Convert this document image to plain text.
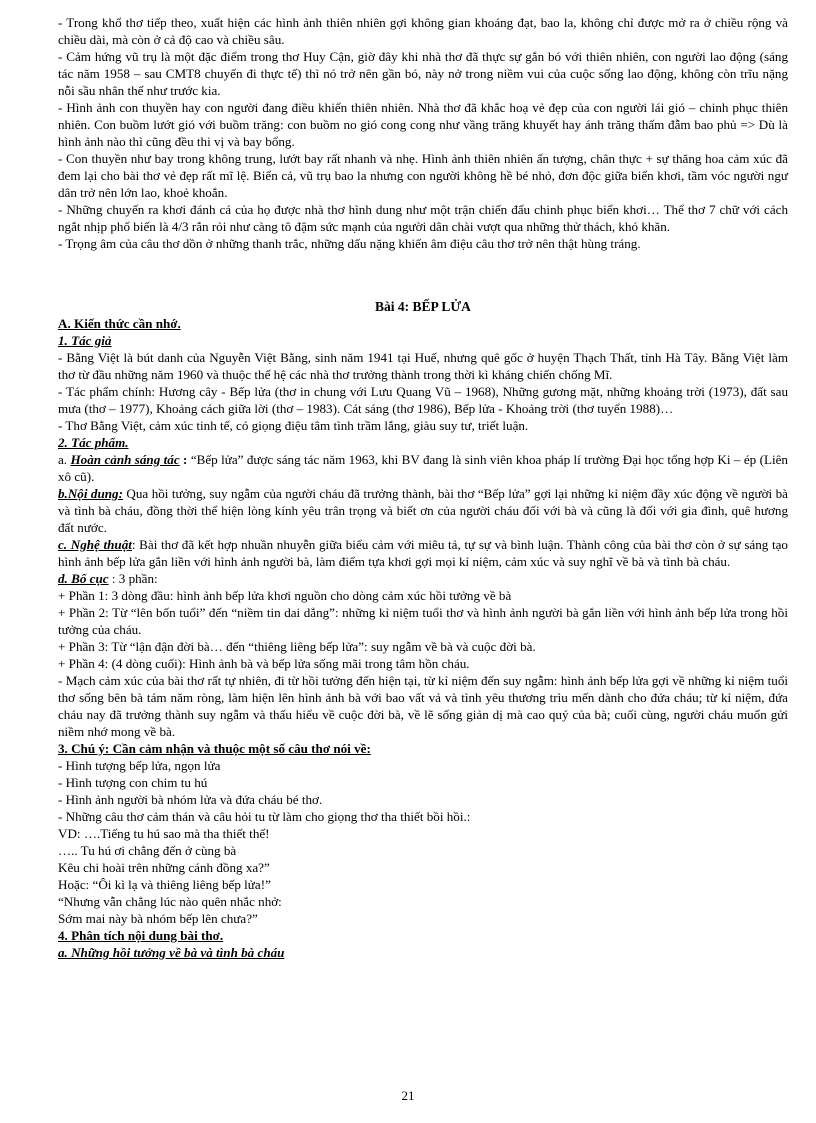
- Trong khổ thơ tiếp theo, xuất hiện các hình ảnh thiên nhiên gợi không gian khoáng đạt, bao la, không chỉ được mở ra ở chiều rộng và chiều dài, mà còn ở cả độ cao và chiều sâu.

- Cảm hứng vũ trụ là một đặc điểm trong thơ Huy Cận, giờ đây khi nhà thơ đã thực sự gắn bó với thiên nhiên, con người lao động (sáng tác năm 1958 – sau CMT8 chuyến đi thực tế) thì nó trở nên gần bó, này nở trong niềm vui của cuộc sống lao động, không còn trĩu nặng nỗi sầu nhân thế như trước kia.

- Hình ảnh con thuyền hay con người đang điều khiển thiên nhiên. Nhà thơ đã khắc hoạ vẻ đẹp của con người lái gió – chinh phục thiên nhiên. Con buồm lướt gió với buồm trăng: con buồm no gió cong cong như vầng trăng khuyết hay ánh trăng thấm đẫm bao phủ => Dù là hình ảnh nào thì cũng đều thi vị và bay bổng.

- Con thuyền như bay trong không trung, lướt bay rất nhanh và nhẹ. Hình ảnh thiên nhiên ấn tượng, chân thực + sự thăng hoa cảm xúc đã đem lại cho bài thơ vẻ đẹp rất mĩ lệ. Biển cả, vũ trụ bao la nhưng con người không hề bé nhỏ, đơn độc giữa biển khơi, tầm vóc người ngư dân trở nên lớn lao, khoẻ khoắn.

- Những chuyến ra khơi đánh cá của họ được nhà thơ hình dung như một trận chiến đấu chinh phục biển khơi… Thể thơ 7 chữ với cách ngắt nhịp phổ biến là 4/3 rắn rỏi như càng tô đậm sức mạnh của người dân chài vượt qua những thử thách, khó khăn.

- Trọng âm của câu thơ dồn ở những thanh trắc, những dấu nặng khiến âm điệu câu thơ trở nên thật hùng tráng.

Bài 4: BẾP LỬA

A. Kiến thức cần nhớ.

1. Tác giả

- Bằng Việt là bút danh của Nguyễn Việt Bằng, sinh năm 1941 tại Huế, nhưng quê gốc ở huyện Thạch Thất, tỉnh Hà Tây. Bằng Việt làm thơ từ đầu những năm 1960 và thuộc thế hệ các nhà thơ trưởng thành trong thời kì kháng chiến chống Mĩ.

- Tác phẩm chính: Hương cây - Bếp lửa (thơ in chung với Lưu Quang Vũ – 1968), Những gương mặt, những khoảng trời (1973), đất sau mưa (thơ – 1977), Khoảng cách giữa lời (thơ – 1983). Cát sáng (thơ 1986), Bếp lửa - Khoảng trời (thơ tuyển 1988)…

- Thơ Bằng Việt, cảm xúc tinh tế, có giọng điệu tâm tình trầm lắng, giàu suy tư, triết luận.

2. Tác phẩm.

a. Hoàn cảnh sáng tác : “Bếp lửa” được sáng tác năm 1963, khi BV đang là sinh viên khoa pháp lí trường Đại học tổng hợp Ki – ép (Liên xô cũ).

b.Nội dung: Qua hồi tưởng, suy ngẫm của người cháu đã trưởng thành, bài thơ “Bếp lửa” gợi lại những kỉ niệm đầy xúc động về người bà và tình bà cháu, đồng thời thể hiện lòng kính yêu trân trọng và biết ơn của người cháu đối với bà và cũng là đối với gia đình, quê hương đất nước.

c. Nghệ thuật: Bài thơ đã kết hợp nhuần nhuyễn giữa biểu cảm với miêu tả, tự sự và bình luận. Thành công của bài thơ còn ở sự sáng tạo hình ảnh bếp lửa gắn liền với hình ảnh người bà, làm điểm tựa khơi gợi mọi kỉ niệm, cảm xúc và suy nghĩ về bà và tình bà cháu.

d. Bố cục : 3 phần:

+ Phần 1: 3 dòng đầu: hình ảnh bếp lửa khơi nguồn cho dòng cảm xúc hồi tưởng về bà

+ Phần 2: Từ “lên bốn tuổi” đến “niềm tin dai dẳng”: những kỉ niệm tuổi thơ và hình ảnh người bà gắn liền với hình ảnh bếp lửa trong hồi tưởng của cháu.

+ Phần 3: Từ “lận đận đời bà… đến “thiêng liêng bếp lửa”: suy ngẫm về bà và cuộc đời bà.

+ Phần 4: (4 dòng cuối): Hình ảnh bà và bếp lửa sống mãi trong tâm hồn cháu.

- Mạch cảm xúc của bài thơ rất tự nhiên, đi từ hồi tưởng đến hiện tại, từ kỉ niệm đến suy ngẫm: hình ảnh bếp lửa gợi về những kỉ niệm tuổi thơ sống bên bà tám năm ròng, làm hiện lên hình ảnh bà với bao vất vả và tình yêu thương trìu mến dành cho đứa cháu; từ kỉ niệm, đứa cháu nay đã trưởng thành suy ngẫm và thấu hiểu về cuộc đời bà, về lẽ sống giản dị mà cao quý của bà; cuối cùng, người cháu muốn gửi niềm nhớ mong về bà.

3. Chú ý: Cần cảm nhận và thuộc một số câu thơ nói về:

- Hình tượng bếp lửa, ngọn lửa

- Hình tượng con chim tu hú

- Hình ảnh người bà nhóm lửa và đứa cháu bé thơ.

- Những câu thơ cảm thán và câu hỏi tu từ làm cho giọng thơ tha thiết bồi hồi.:

VD: ….Tiếng tu hú sao mà tha thiết thế!

….. Tu hú ơi chẳng đến ở cùng bà

Kêu chi hoài trên những cánh đồng xa?”

Hoặc: “Ôi kì lạ và thiêng liêng bếp lửa!”

“Nhưng vẫn chẳng lúc nào quên nhắc nhở:

Sớm mai này bà nhóm bếp lên chưa?”

4. Phân tích nội dung bài thơ.

a. Những hồi tưởng về bà và tình bà cháu

21
